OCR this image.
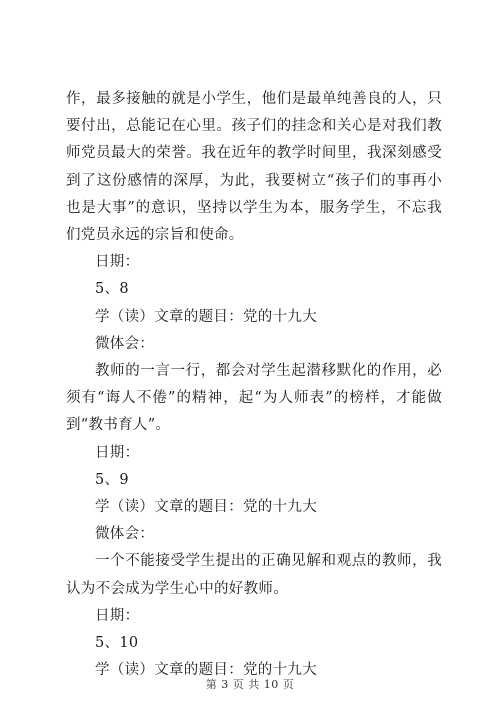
作，最多接触的就是小学生，他们是最单纯善良的人，只要付出，总能记在心里。孩子们的挂念和关心是对我们教师党员最大的荣誉。我在近年的教学时间里，我深刻感受到了这份感情的深厚，为此，我要树立“孩子们的事再小也是大事”的意识，坚持以学生为本，服务学生，不忘我们党员永远的宗旨和使命。

日期：

5、8

学（读）文章的题目：党的十九大

微体会：

教师的一言一行，都会对学生起潜移默化的作用，必须有“诲人不倦”的精神，起“为人师表”的榜样，才能做到“教书育人”。

日期：

5、9

学（读）文章的题目：党的十九大

微体会：

一个不能接受学生提出的正确见解和观点的教师，我认为不会成为学生心中的好教师。

日期：

5、10

学（读）文章的题目：党的十九大

第 3 页 共 10 页
